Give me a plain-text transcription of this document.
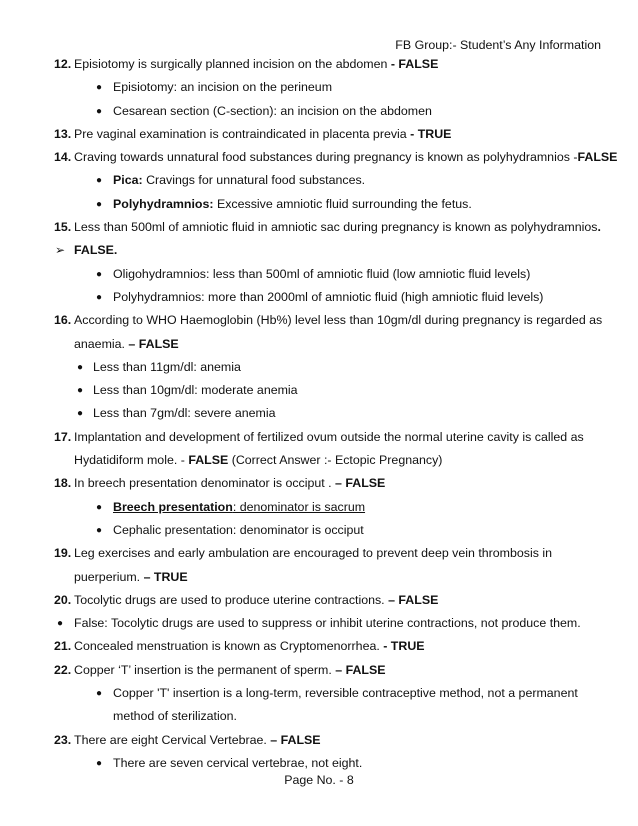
FB Group:- Student’s Any Information
12. Episiotomy is surgically planned incision on the abdomen - FALSE
● Episiotomy: an incision on the perineum
● Cesarean section (C-section): an incision on the abdomen
13. Pre vaginal examination is contraindicated in placenta previa - TRUE
14. Craving towards unnatural food substances during pregnancy is known as polyhydramnios -FALSE
● Pica: Cravings for unnatural food substances.
● Polyhydramnios: Excessive amniotic fluid surrounding the fetus.
15. Less than 500ml of amniotic fluid in amniotic sac during pregnancy is known as polyhydramnios.
➢ FALSE.
● Oligohydramnios: less than 500ml of amniotic fluid (low amniotic fluid levels)
● Polyhydramnios: more than 2000ml of amniotic fluid (high amniotic fluid levels)
16. According to WHO Haemoglobin (Hb%) level less than 10gm/dl during pregnancy is regarded as
anaemia. – FALSE
● Less than 11gm/dl: anemia
● Less than 10gm/dl: moderate anemia
● Less than 7gm/dl: severe anemia
17. Implantation and development of fertilized ovum outside the normal uterine cavity is called as
Hydatidiform mole. - FALSE (Correct Answer :- Ectopic Pregnancy)
18. In breech presentation denominator is occiput . – FALSE
● Breech presentation: denominator is sacrum
● Cephalic presentation: denominator is occiput
19. Leg exercises and early ambulation are encouraged to prevent deep vein thrombosis in
puerperium. – TRUE
20. Tocolytic drugs are used to produce uterine contractions. – FALSE
● False: Tocolytic drugs are used to suppress or inhibit uterine contractions, not produce them.
21. Concealed menstruation is known as Cryptomenorrhea. - TRUE
22. Copper ‘T’ insertion is the permanent of sperm. – FALSE
● Copper 'T' insertion is a long-term, reversible contraceptive method, not a permanent
method of sterilization.
23. There are eight Cervical Vertebrae. – FALSE
● There are seven cervical vertebrae, not eight.
Page No. - 8
